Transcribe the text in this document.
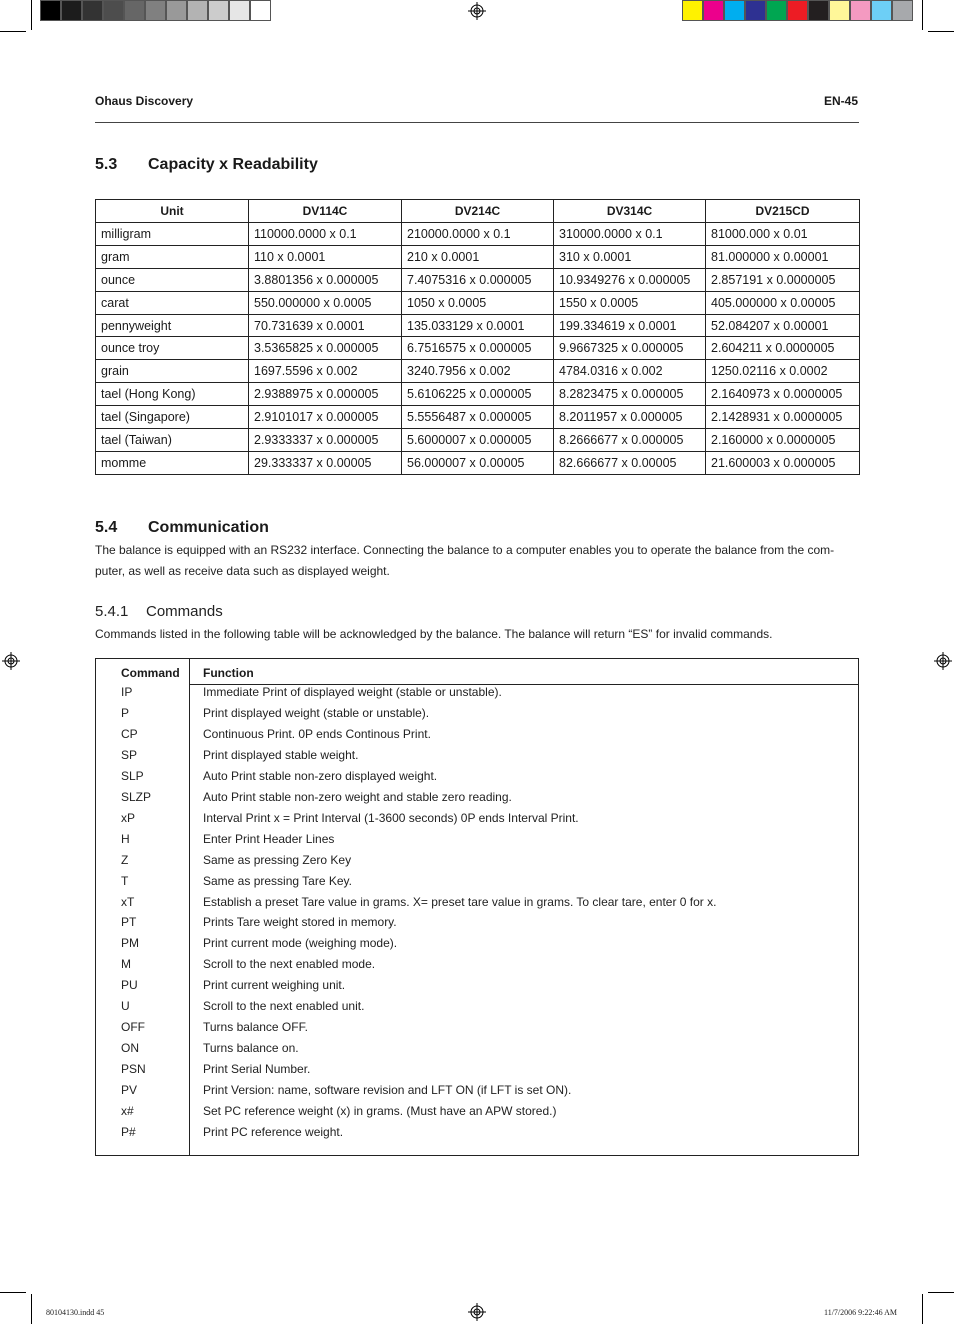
Ohaus Discovery	EN-45
5.3 Capacity x Readability
Unit	DV114C	DV214C	DV314C	DV215CD
milligram	110000.0000 x 0.1	210000.0000 x 0.1	310000.0000 x 0.1	81000.000 x 0.01
gram	110 x 0.0001	210 x 0.0001	310 x 0.0001	81.000000 x 0.00001
ounce	3.8801356 x 0.000005	7.4075316 x 0.000005	10.9349276 x 0.000005	2.857191 x 0.0000005
carat	550.000000 x 0.0005	1050 x 0.0005	1550 x 0.0005	405.000000 x 0.00005
pennyweight	70.731639 x 0.0001	135.033129 x 0.0001	199.334619 x 0.0001	52.084207 x 0.00001
ounce troy	3.5365825 x 0.000005	6.7516575 x 0.000005	9.9667325 x 0.000005	2.604211 x 0.0000005
grain	1697.5596 x 0.002	3240.7956 x 0.002	4784.0316 x 0.002	1250.02116 x 0.0002
tael (Hong Kong)	2.9388975 x 0.000005	5.6106225 x 0.000005	8.2823475 x 0.000005	2.1640973 x 0.0000005
tael (Singapore)	2.9101017 x 0.000005	5.5556487 x 0.000005	8.2011957 x 0.000005	2.1428931 x 0.0000005
tael (Taiwan)	2.9333337 x 0.000005	5.6000007 x 0.000005	8.2666677 x 0.000005	2.160000 x 0.0000005
momme	29.333337 x 0.00005	56.000007 x 0.00005	82.666677 x 0.00005	21.600003 x 0.000005
5.4 Communication
The balance is equipped with an RS232 interface. Connecting the balance to a computer enables you to operate the balance from the com-
puter, as well as receive data such as displayed weight.
5.4.1 Commands
Commands listed in the following table will be acknowledged by the balance. The balance will return “ES” for invalid commands.
Command Function
IP	Immediate Print of displayed weight (stable or unstable).
P	Print displayed weight (stable or unstable).
CP	Continuous Print. 0P ends Continous Print.
SP	Print displayed stable weight.
SLP	Auto Print stable non-zero displayed weight.
SLZP	Auto Print stable non-zero weight and stable zero reading.
xP	Interval Print x = Print Interval (1-3600 seconds) 0P ends Interval Print.
H	Enter Print Header Lines
Z	Same as pressing Zero Key
T	Same as pressing Tare Key.
xT	Establish a preset Tare value in grams. X= preset tare value in grams. To clear tare, enter 0 for x.
PT	Prints Tare weight stored in memory.
PM	Print current mode (weighing mode).
M	Scroll to the next enabled mode.
PU	Print current weighing unit.
U	Scroll to the next enabled unit.
OFF	Turns balance OFF.
ON	Turns balance on.
PSN	Print Serial Number.
PV	Print Version: name, software revision and LFT ON (if LFT is set ON).
x#	Set PC reference weight (x) in grams. (Must have an APW stored.)
P#	Print PC reference weight.
80104130.indd 45	11/7/2006 9:22:46 AM
